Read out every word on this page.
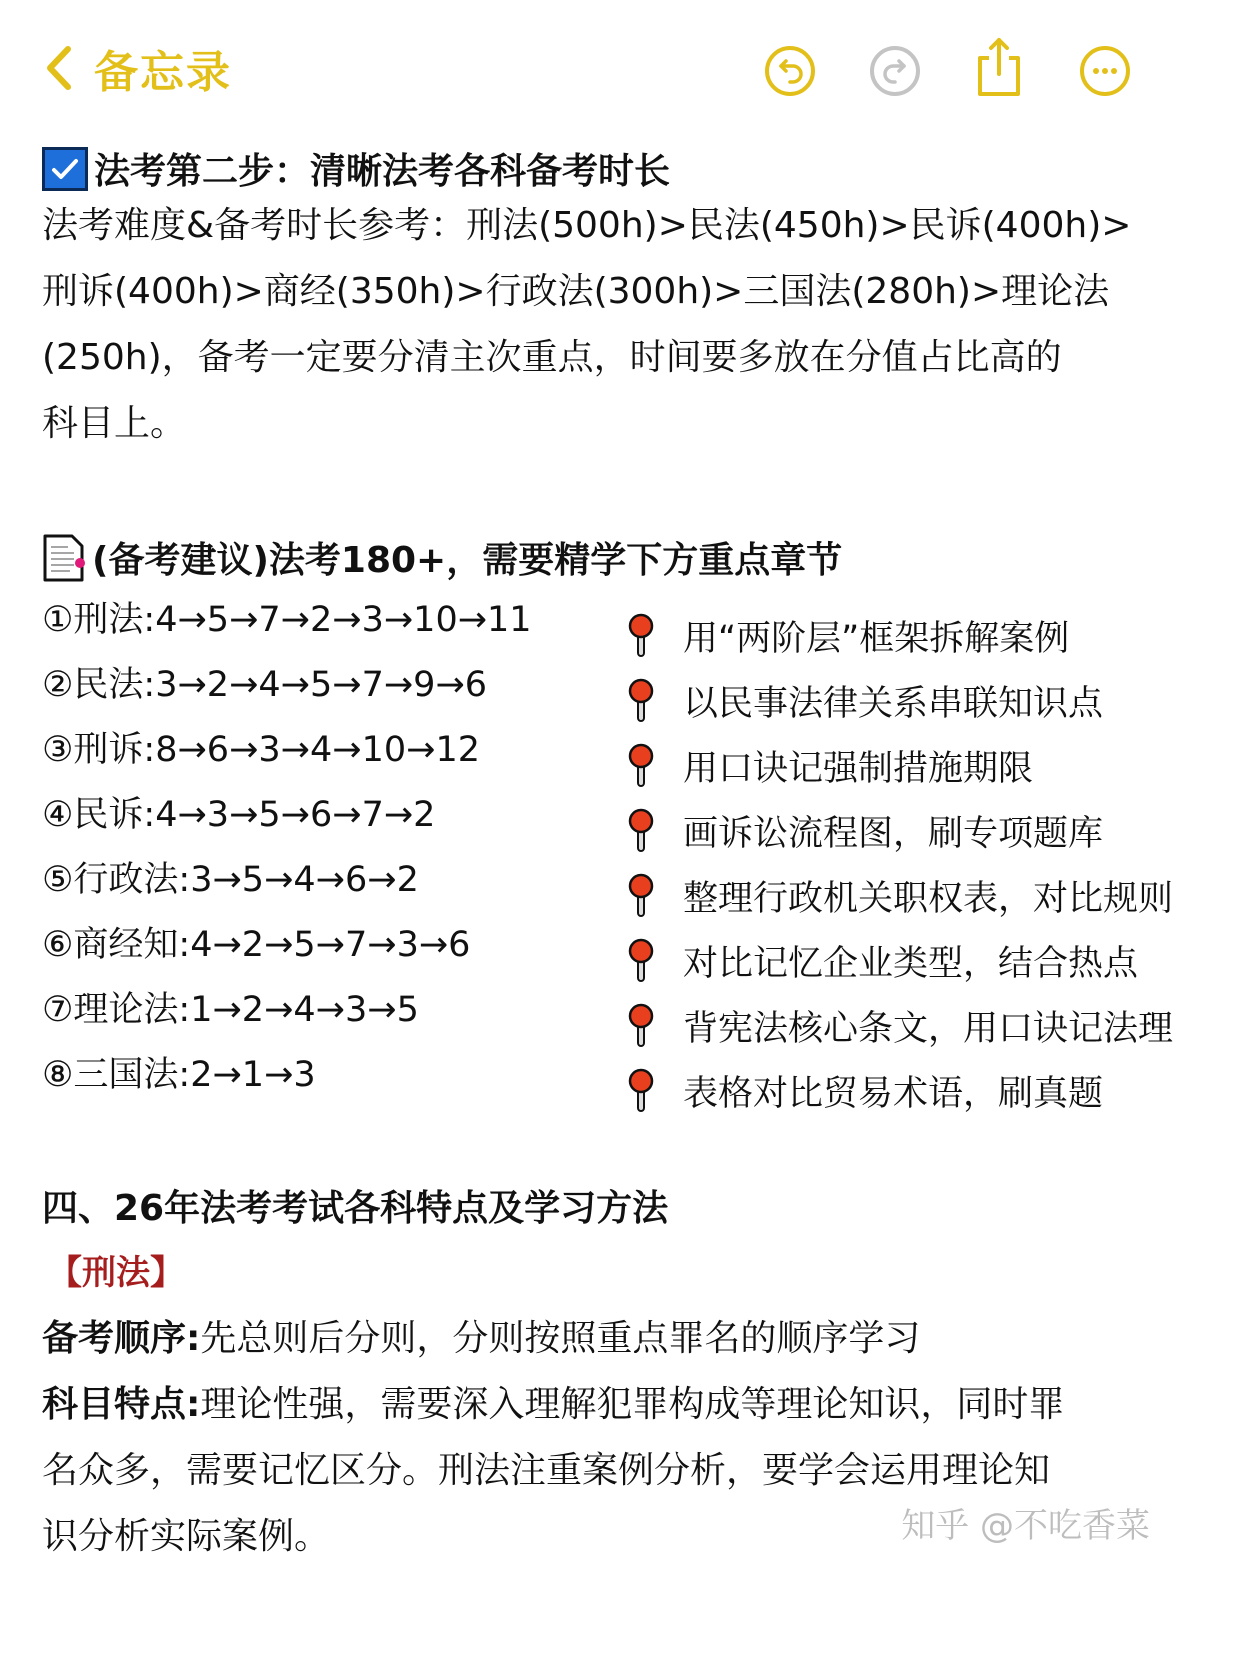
备忘录
法考第二步：清晰法考各科备考时长
法考难度&备考时长参考：刑法(500h)>民法(450h)>民诉(400h)>
刑诉(400h)>商经(350h)>行政法(300h)>三国法(280h)>理论法
(250h)，备考一定要分清主次重点，时间要多放在分值占比高的
科目上。
(备考建议)法考180+，需要精学下方重点章节
①刑法:4→5→7→2→3→10→11
②民法:3→2→4→5→7→9→6
③刑诉:8→6→3→4→10→12
④民诉:4→3→5→6→7→2
⑤行政法:3→5→4→6→2
⑥商经知:4→2→5→7→3→6
⑦理论法:1→2→4→3→5
⑧三国法:2→1→3
用“两阶层”框架拆解案例
以民事法律关系串联知识点
用口诀记强制措施期限
画诉讼流程图，刷专项题库
整理行政机关职权表，对比规则
对比记忆企业类型，结合热点
背宪法核心条文，用口诀记法理
表格对比贸易术语，刷真题
四、26年法考考试各科特点及学习方法
【刑法】
备考顺序:先总则后分则，分则按照重点罪名的顺序学习
科目特点:理论性强，需要深入理解犯罪构成等理论知识，同时罪
名众多，需要记忆区分。刑法注重案例分析，要学会运用理论知
识分析实际案例。	知乎 @不吃香菜
